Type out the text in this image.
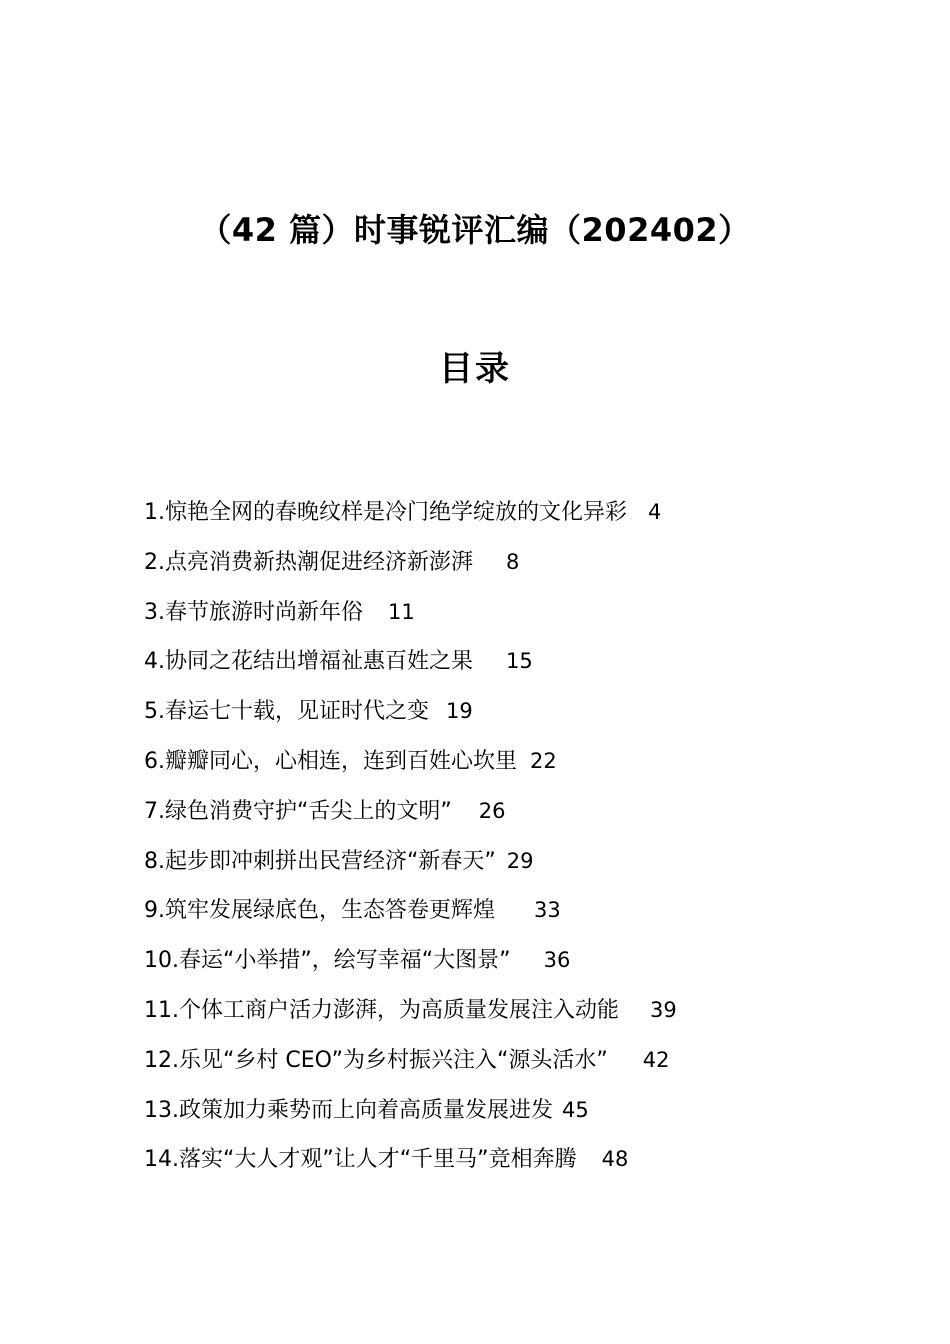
（42 篇）时事锐评汇编（202402）
目录
1.惊艳全网的春晚纹样是冷门绝学绽放的文化异彩 4
2.点亮消费新热潮促进经济新澎湃 8
3.春节旅游时尚新年俗 11
4.协同之花结出增福祉惠百姓之果 15
5.春运七十载，见证时代之变 19
6.瓣瓣同心，心相连，连到百姓心坎里 22
7.绿色消费守护“舌尖上的文明” 26
8.起步即冲刺拼出民营经济“新春天” 29
9.筑牢发展绿底色，生态答卷更辉煌 33
10.春运“小举措”，绘写幸福“大图景” 36
11.个体工商户活力澎湃，为高质量发展注入动能 39
12.乐见“乡村 CEO”为乡村振兴注入“源头活水” 42
13.政策加力乘势而上向着高质量发展进发 45
14.落实“大人才观”让人才“千里马”竞相奔腾 48
